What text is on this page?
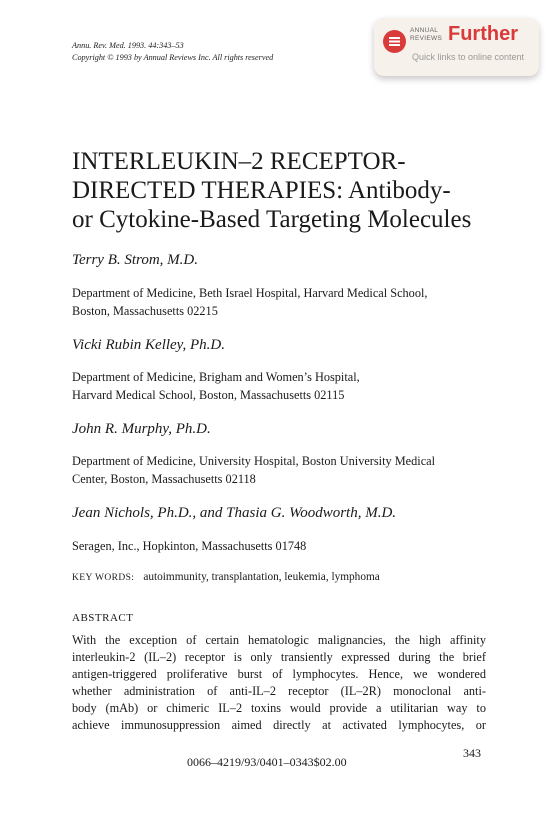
Annu. Rev. Med. 1993. 44:343–53
Copyright © 1993 by Annual Reviews Inc. All rights reserved
ANNUAL
REVIEWS Further
Quick links to online content
INTERLEUKIN–2 RECEPTOR-
DIRECTED THERAPIES: Antibody-
or Cytokine-Based Targeting Molecules
Terry B. Strom, M.D.
Department of Medicine, Beth Israel Hospital, Harvard Medical School,
Boston, Massachusetts 02215
Vicki Rubin Kelley, Ph.D.
Department of Medicine, Brigham and Women’s Hospital,
Harvard Medical School, Boston, Massachusetts 02115
John R. Murphy, Ph.D.
Department of Medicine, University Hospital, Boston University Medical
Center, Boston, Massachusetts 02118
Jean Nichols, Ph.D., and Thasia G. Woodworth, M.D.
Seragen, Inc., Hopkinton, Massachusetts 01748
KEY WORDS: autoimmunity, transplantation, leukemia, lymphoma
ABSTRACT
With the exception of certain hematologic malignancies, the high affinity
interleukin-2 (IL–2) receptor is only transiently expressed during the brief
antigen-triggered proliferative burst of lymphocytes. Hence, we wondered
whether administration of anti-IL–2 receptor (IL–2R) monoclonal anti-
body (mAb) or chimeric IL–2 toxins would provide a utilitarian way to
achieve immunosuppression aimed directly at activated lymphocytes, or
343
0066–4219/93/0401–0343$02.00
